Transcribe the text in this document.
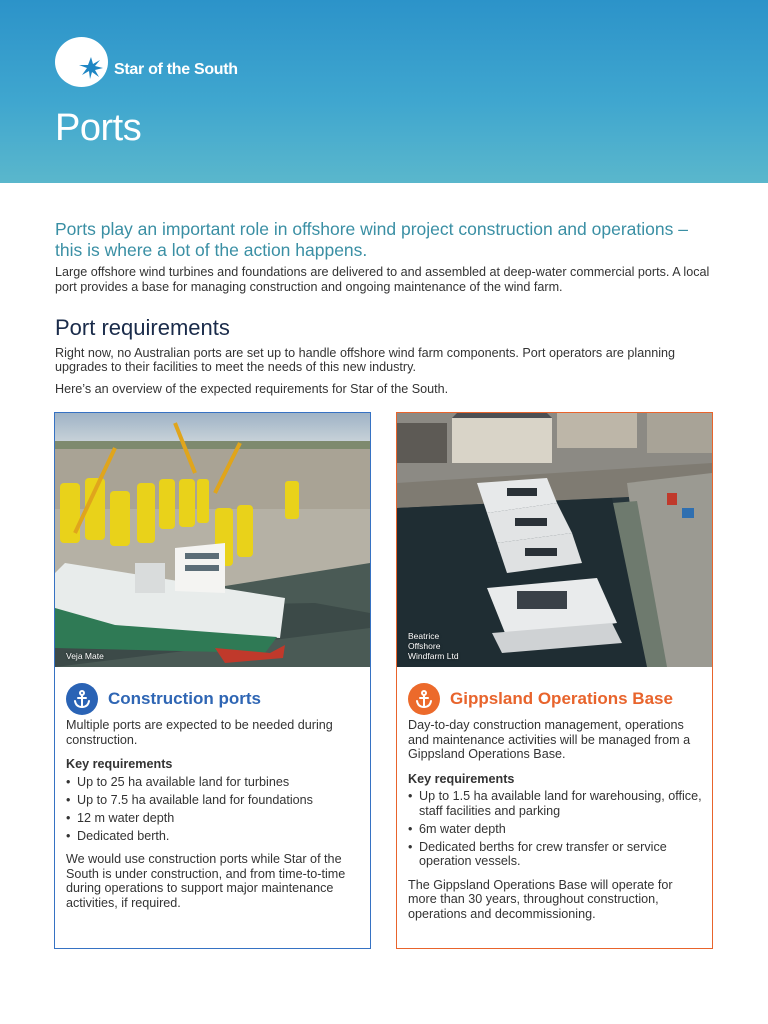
Star of the South
Ports

Ports play an important role in offshore wind project construction and operations – this is where a lot of the action happens.

Large offshore wind turbines and foundations are delivered to and assembled at deep-water commercial ports. A local port provides a base for managing construction and ongoing maintenance of the wind farm.

Port requirements

Right now, no Australian ports are set up to handle offshore wind farm components. Port operators are planning upgrades to their facilities to meet the needs of this new industry.

Here’s an overview of the expected requirements for Star of the South.

Veja Mate
Construction ports

Multiple ports are expected to be needed during construction.

Key requirements
• Up to 25 ha available land for turbines
• Up to 7.5 ha available land for foundations
• 12 m water depth
• Dedicated berth.

We would use construction ports while Star of the South is under construction, and from time-to-time during operations to support major maintenance activities, if required.

Beatrice
Offshore
Windfarm Ltd
Gippsland Operations Base

Day-to-day construction management, operations and maintenance activities will be managed from a Gippsland Operations Base.

Key requirements
• Up to 1.5 ha available land for warehousing, office, staff facilities and parking
• 6m water depth
• Dedicated berths for crew transfer or service operation vessels.

The Gippsland Operations Base will operate for more than 30 years, throughout construction, operations and decommissioning.
